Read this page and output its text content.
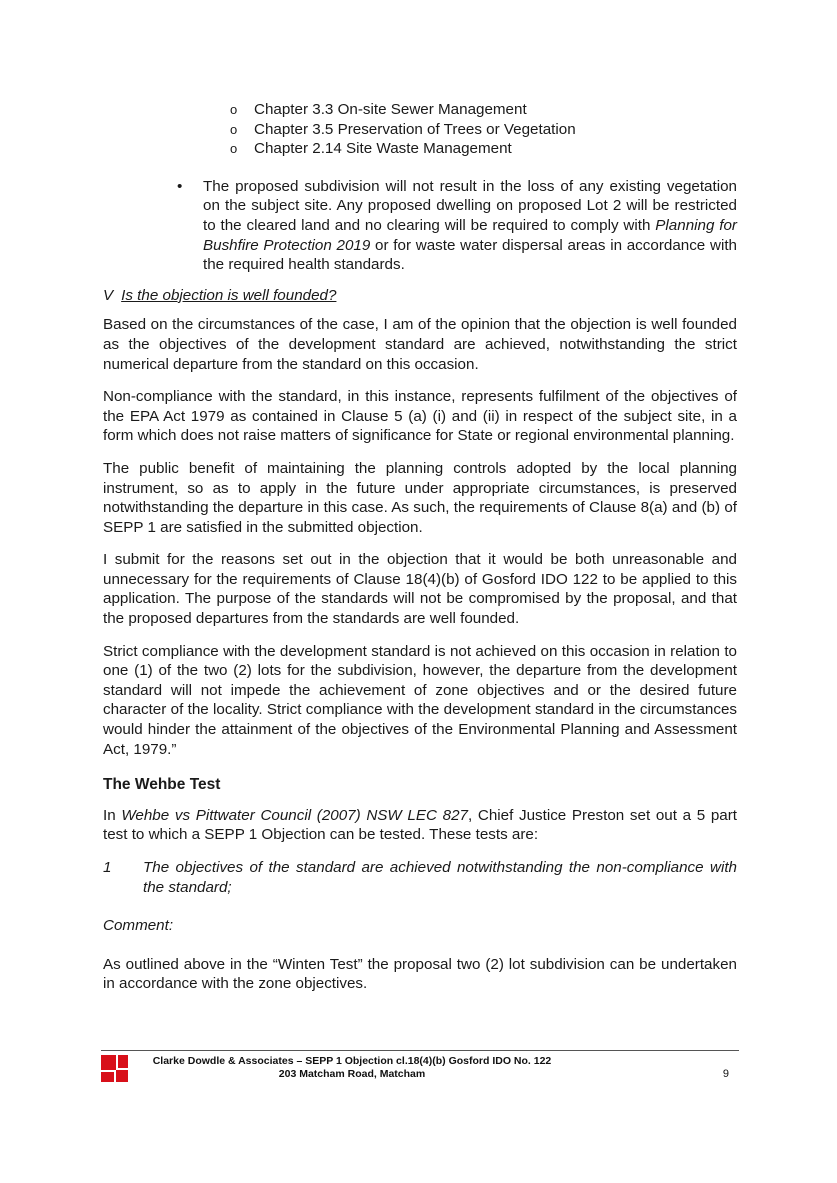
o Chapter 3.3 On-site Sewer Management
o Chapter 3.5 Preservation of Trees or Vegetation
o Chapter 2.14 Site Waste Management
• The proposed subdivision will not result in the loss of any existing vegetation on the subject site. Any proposed dwelling on proposed Lot 2 will be restricted to the cleared land and no clearing will be required to comply with Planning for Bushfire Protection 2019 or for waste water dispersal areas in accordance with the required health standards.
V Is the objection is well founded?

Based on the circumstances of the case, I am of the opinion that the objection is well founded as the objectives of the development standard are achieved, notwithstanding the strict numerical departure from the standard on this occasion.

Non-compliance with the standard, in this instance, represents fulfilment of the objectives of the EPA Act 1979 as contained in Clause 5 (a) (i) and (ii) in respect of the subject site, in a form which does not raise matters of significance for State or regional environmental planning.

The public benefit of maintaining the planning controls adopted by the local planning instrument, so as to apply in the future under appropriate circumstances, is preserved notwithstanding the departure in this case. As such, the requirements of Clause 8(a) and (b) of SEPP 1 are satisfied in the submitted objection.

I submit for the reasons set out in the objection that it would be both unreasonable and unnecessary for the requirements of Clause 18(4)(b) of Gosford IDO 122 to be applied to this application. The purpose of the standards will not be compromised by the proposal, and that the proposed departures from the standards are well founded.

Strict compliance with the development standard is not achieved on this occasion in relation to one (1) of the two (2) lots for the subdivision, however, the departure from the development standard will not impede the achievement of zone objectives and or the desired future character of the locality. Strict compliance with the development standard in the circumstances would hinder the attainment of the objectives of the Environmental Planning and Assessment Act, 1979.”

The Wehbe Test

In Wehbe vs Pittwater Council (2007) NSW LEC 827, Chief Justice Preston set out a 5 part test to which a SEPP 1 Objection can be tested. These tests are:

1 The objectives of the standard are achieved notwithstanding the non-compliance with the standard;
Comment:

As outlined above in the “Winten Test” the proposal two (2) lot subdivision can be undertaken in accordance with the zone objectives.

Clarke Dowdle & Associates – SEPP 1 Objection cl.18(4)(b) Gosford IDO No. 122
203 Matcham Road, Matcham	9
